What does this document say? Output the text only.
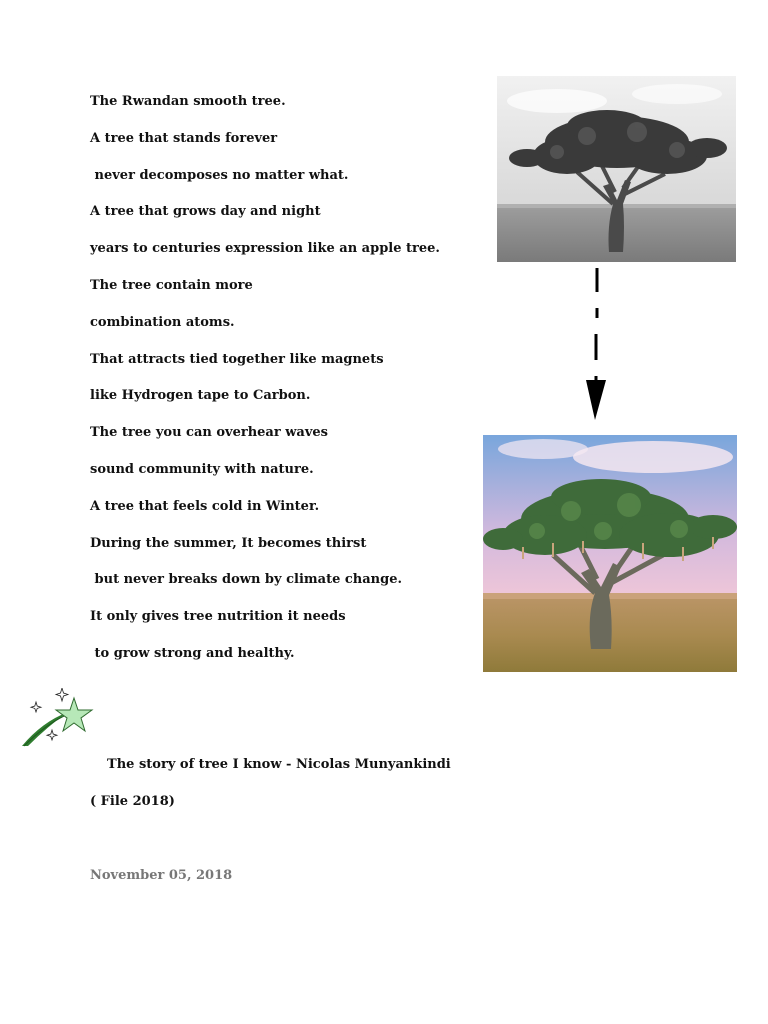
The Rwandan smooth tree.
A tree that stands forever
never decomposes no matter what.
A tree that grows day and night
years to centuries expression like an apple tree.
The tree contain more
combination atoms.
That attracts tied together like magnets
like Hydrogen tape to Carbon.
The tree you can overhear waves
sound community with nature.
A tree that feels cold in Winter.
During the summer, It becomes thirst
but never breaks down by climate change.
It only gives tree nutrition it needs
to grow strong and healthy.
The story of tree I know - Nicolas Munyankindi
( File 2018)
November 05, 2018
